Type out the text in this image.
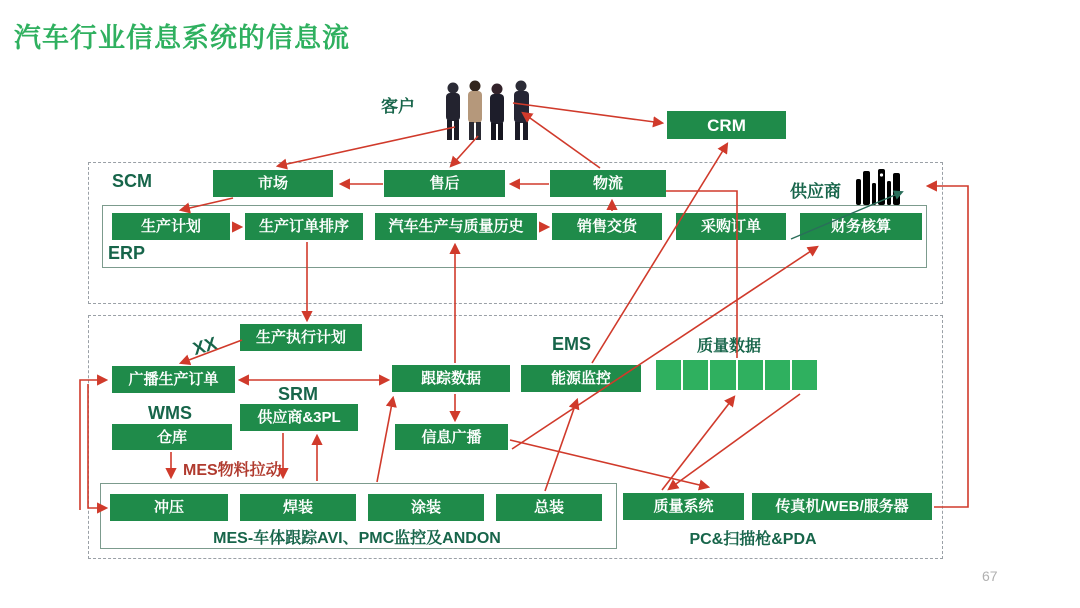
汽车行业信息系统的信息流
客户
CRM
SCM	市场	售后	物流	供应商
ERP
生产计划	生产订单排序	汽车生产与质量历史	销售交货	采购订单	财务核算
生产执行计划
XX
广播生产订单
SRM
跟踪数据
EMS
能源监控
质量数据
WMS	供应商&3PL
仓库	信息广播
MES物料拉动
冲压	焊装	涂装	总装
MES-车体跟踪AVI、PMC监控及ANDON
质量系统	传真机/WEB/服务器
PC&扫描枪&PDA
67
